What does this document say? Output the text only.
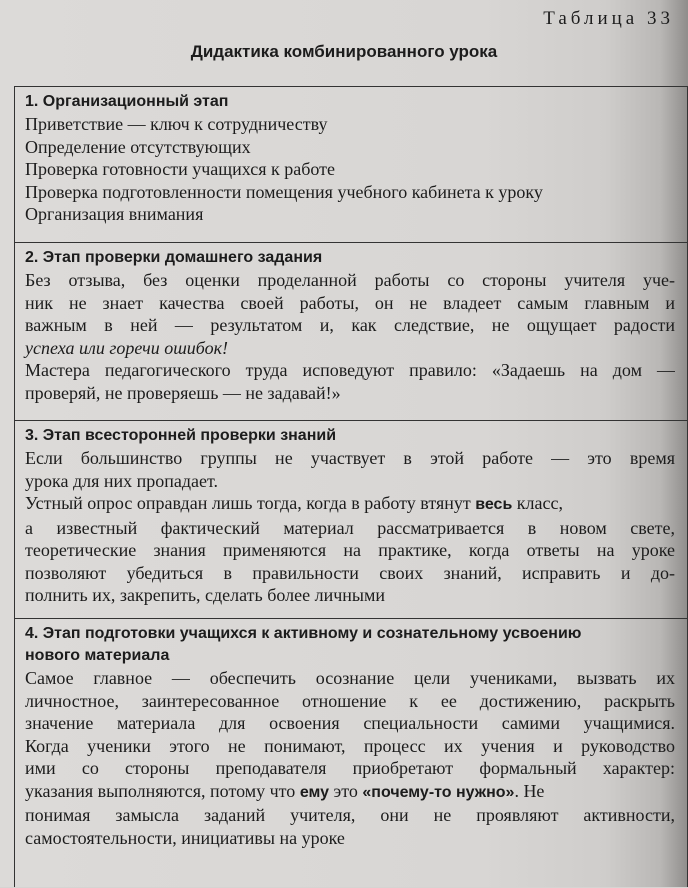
Таблица 33
Дидактика комбинированного урока
1. Организационный этап
Приветствие — ключ к сотрудничеству
Определение отсутствующих
Проверка готовности учащихся к работе
Проверка подготовленности помещения учебного кабинета к уроку
Организация внимания
2. Этап проверки домашнего задания
Без отзыва, без оценки проделанной работы со стороны учителя уче-
ник не знает качества своей работы, он не владеет самым главным и
важным в ней — результатом и, как следствие, не ощущает радости
успеха или горечи ошибок!
Мастера педагогического труда исповедуют правило: «Задаешь на дом —
проверяй, не проверяешь — не задавай!»
3. Этап всесторонней проверки знаний
Если большинство группы не участвует в этой работе — это время
урока для них пропадает.
Устный опрос оправдан лишь тогда, когда в работу втянут весь класс,
а известный фактический материал рассматривается в новом свете,
теоретические знания применяются на практике, когда ответы на уроке
позволяют убедиться в правильности своих знаний, исправить и до-
полнить их, закрепить, сделать более личными
4. Этап подготовки учащихся к активному и сознательному усвоению
нового материала
Самое главное — обеспечить осознание цели учениками, вызвать их
личностное, заинтересованное отношение к ее достижению, раскрыть
значение материала для освоения специальности самими учащимися.
Когда ученики этого не понимают, процесс их учения и руководство
ими со стороны преподавателя приобретают формальный характер:
указания выполняются, потому что ему это «почему-то нужно». Не
понимая замысла заданий учителя, они не проявляют активности,
самостоятельности, инициативы на уроке
